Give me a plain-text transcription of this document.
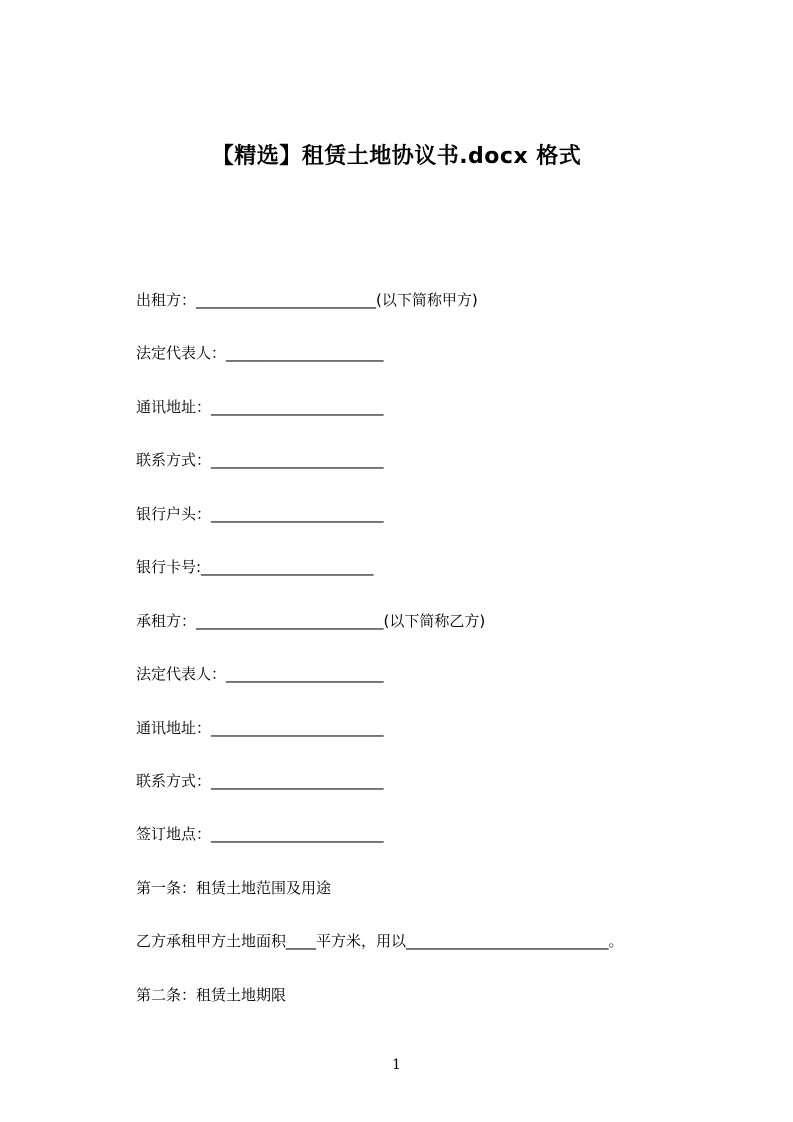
【精选】租赁土地协议书.docx 格式
出租方：________________________(以下简称甲方)
法定代表人：_____________________
通讯地址：_______________________
联系方式：_______________________
银行户头：_______________________
银行卡号:_______________________
承租方：_________________________(以下简称乙方)
法定代表人：_____________________
通讯地址：_______________________
联系方式：_______________________
签订地点：_______________________
第一条：租赁土地范围及用途
乙方承租甲方土地面积____平方米，用以___________________________。
第二条：租赁土地期限
1
